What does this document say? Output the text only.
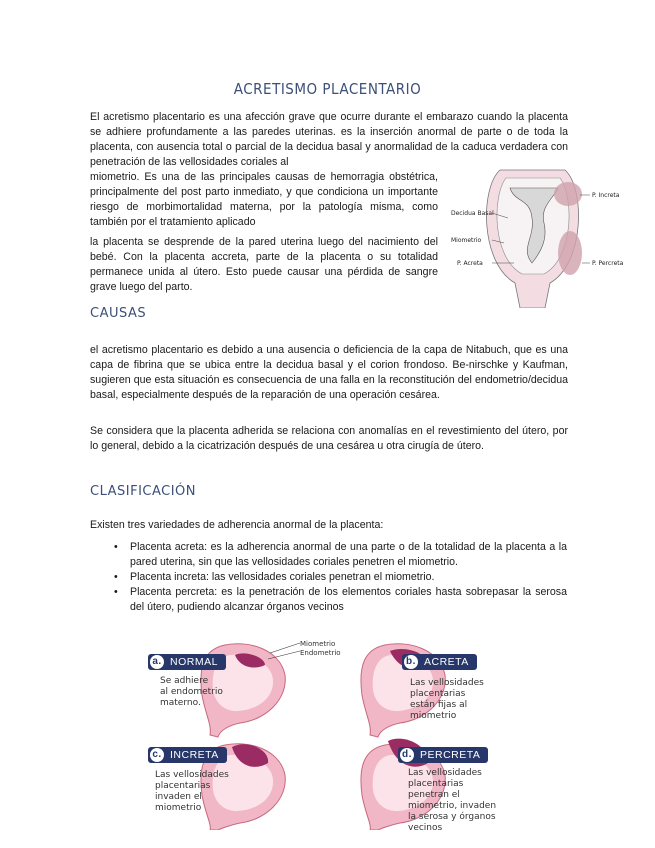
ACRETISMO PLACENTARIO

El acretismo placentario es una afección grave que ocurre durante el embarazo cuando la placenta se adhiere profundamente a las paredes uterinas. es la inserción anormal de parte o de toda la placenta, con ausencia total o parcial de la decidua basal y anormalidad de la caduca verdadera con penetración de las vellosidades coriales al

miometrio. Es una de las principales causas de hemorragia obstétrica, principalmente del post parto inmediato, y que condiciona un importante riesgo de morbimortalidad materna, por la patología misma, como también por el tratamiento aplicado

la placenta se desprende de la pared uterina luego del nacimiento del bebé. Con la placenta accreta, parte de la placenta o su totalidad permanece unida al útero. Esto puede causar una pérdida de sangre grave luego del parto.

P. Increta
Decidua Basal
Miometrio
P. Acreta	P. Percreta
CAUSAS

el acretismo placentario es debido a una ausencia o deficiencia de la capa de Nitabuch, que es una capa de fibrina que se ubica entre la decidua basal y el corion frondoso. Be-nirschke y Kaufman, sugieren que esta situación es consecuencia de una falla en la reconstitución del endometrio/decidua basal, especialmente después de la reparación de una operación cesárea.

Se considera que la placenta adherida se relaciona con anomalías en el revestimiento del útero, por lo general, debido a la cicatrización después de una cesárea u otra cirugía de útero.

CLASIFICACIÓN

Existen tres variedades de adherencia anormal de la placenta:

• Placenta acreta: es la adherencia anormal de una parte o de la totalidad de la placenta a la pared uterina, sin que las vellosidades coriales penetren el miometrio.
• Placenta increta: las vellosidades coriales penetran el miometrio.
• Placenta percreta: es la penetración de los elementos coriales hasta sobrepasar la serosa del útero, pudiendo alcanzar órganos vecinos
Miometrio
Endometrio
a. NORMAL
Se adhiere
al endometrio
materno.
b. ACRETA
Las vellosidades
placentarias
están fijas al
miometrio
c. INCRETA
Las vellosidades
placentarias
invaden el
miometrio
d. PERCRETA
Las vellosidades
placentarias
penetran el
miometrio, invaden
la serosa y órganos
vecinos
